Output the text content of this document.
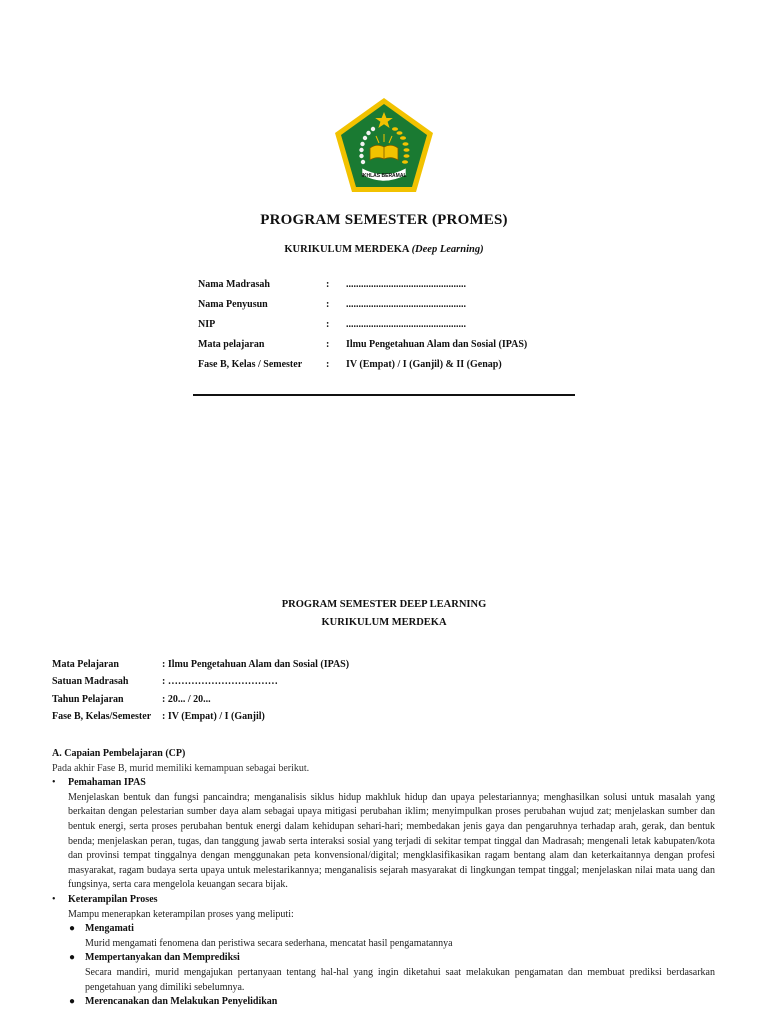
IKHLAS BERAMAL
PROGRAM SEMESTER (PROMES)
KURIKULUM MERDEKA (Deep Learning)
Nama Madrasah	:	................................................
Nama Penyusun	:	................................................
NIP	:	................................................
Mata pelajaran	:	Ilmu Pengetahuan Alam dan Sosial (IPAS)
Fase B, Kelas / Semester	:	IV (Empat) / I (Ganjil) & II (Genap)
PROGRAM SEMESTER DEEP LEARNING
KURIKULUM MERDEKA
Mata Pelajaran	: Ilmu Pengetahuan Alam dan Sosial (IPAS)
Satuan Madrasah	: ……………………………
Tahun Pelajaran	: 20... / 20...
Fase B, Kelas/Semester	: IV (Empat) / I (Ganjil)

A. Capaian Pembelajaran (CP)

Pada akhir Fase B, murid memiliki kemampuan sebagai berikut.

• Pemahaman IPAS

Menjelaskan bentuk dan fungsi pancaindra; menganalisis siklus hidup makhluk hidup dan upaya pelestariannya; menghasilkan solusi untuk masalah yang berkaitan dengan pelestarian sumber daya alam sebagai upaya mitigasi perubahan iklim; menyimpulkan proses perubahan wujud zat; menjelaskan sumber dan bentuk energi, serta proses perubahan bentuk energi dalam kehidupan sehari-hari; membedakan jenis gaya dan pengaruhnya terhadap arah, gerak, dan bentuk benda; menjelaskan peran, tugas, dan tanggung jawab serta interaksi sosial yang terjadi di sekitar tempat tinggal dan Madrasah; mengenali letak kabupaten/kota dan provinsi tempat tinggalnya dengan menggunakan peta konvensional/digital; mengklasifikasikan ragam bentang alam dan keterkaitannya dengan profesi masyarakat, ragam budaya serta upaya untuk melestarikannya; menganalisis sejarah masyarakat di lingkungan tempat tinggal; menjelaskan nilai mata uang dan fungsinya, serta cara mengelola keuangan secara bijak.

• Keterampilan Proses

Mampu menerapkan keterampilan proses yang meliputi:

● Mengamati

Murid mengamati fenomena dan peristiwa secara sederhana, mencatat hasil pengamatannya

● Mempertanyakan dan Memprediksi

Secara mandiri, murid mengajukan pertanyaan tentang hal-hal yang ingin diketahui saat melakukan pengamatan dan membuat prediksi berdasarkan pengetahuan yang dimiliki sebelumnya.

● Merencanakan dan Melakukan Penyelidikan
